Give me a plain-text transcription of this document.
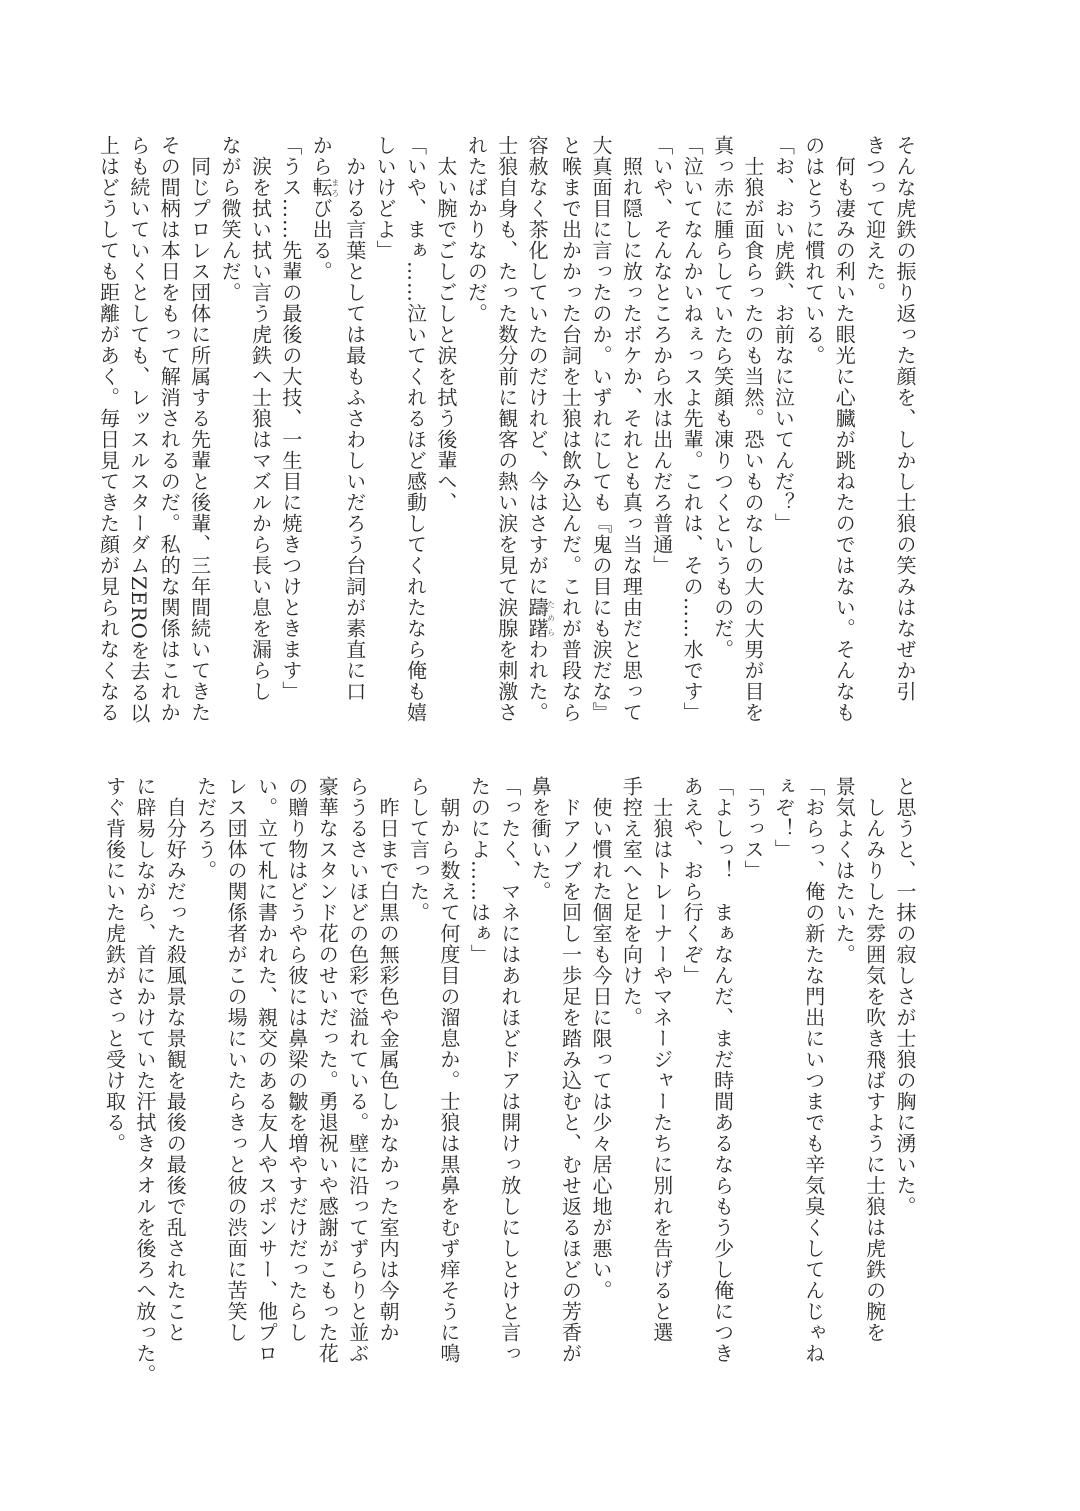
そんな虎鉄の振り返った顔を、しかし士狼の笑みはなぜか引
きつって迎えた。
　何も凄みの利いた眼光に心臓が跳ねたのではない。そんなも
のはとうに慣れている。
「お、おい虎鉄、お前なに泣いてんだ？」
　士狼が面食らったのも当然。恐いものなしの大の大男が目を
真っ赤に腫らしていたら笑顔も凍りつくというものだ。
「泣いてなんかいねぇっスよ先輩。これは、その……水です」
「いや、そんなところから水は出んだろ普通」
　照れ隠しに放ったボケか、それとも真っ当な理由だと思って
大真面目に言ったのか。いずれにしても『鬼の目にも涙だな』
と喉まで出かかった台詞を士狼は飲み込んだ。これが普段なら
容赦なく茶化していたのだけれど、今はさすがに躊躇ためらわれた。
士狼自身も、たった数分前に観客の熱い涙を見て涙腺を刺激さ
れたばかりなのだ。
　太い腕でごしごしと涙を拭う後輩へ、
「いや、まぁ……泣いてくれるほど感動してくれたなら俺も嬉
しいけどよ」
　かける言葉としては最もふさわしいだろう台詞が素直に口
から転まろび出る。
「うス……先輩の最後の大技、一生目に焼きつけときます」
　涙を拭い拭い言う虎鉄へ士狼はマズルから長い息を漏らし
ながら微笑んだ。
　同じプロレス団体に所属する先輩と後輩、三年間続いてきた
その間柄は本日をもって解消されるのだ。私的な関係はこれか
らも続いていくとしても、レッスルスターダムZEROを去る以
上はどうしても距離があく。毎日見てきた顔が見られなくなる
と思うと、一抹の寂しさが士狼の胸に湧いた。
　しんみりした雰囲気を吹き飛ばすように士狼は虎鉄の腕を
景気よくはたいた。
「おらっ、俺の新たな門出にいつまでも辛気臭くしてんじゃね
ぇぞ！」
「うっス」
「よしっ！　まぁなんだ、まだ時間あるならもう少し俺につき
あえや、おら行くぞ」
　士狼はトレーナーやマネージャーたちに別れを告げると選
手控え室へと足を向けた。
　使い慣れた個室も今日に限っては少々居心地が悪い。
　ドアノブを回し一歩足を踏み込むと、むせ返るほどの芳香が
鼻を衝いた。
「ったく、マネにはあれほどドアは開けっ放しにしとけと言っ
たのによ……はぁ」
　朝から数えて何度目の溜息か。士狼は黒鼻をむず痒そうに鳴
らして言った。
　昨日まで白黒の無彩色や金属色しかなかった室内は今朝か
らうるさいほどの色彩で溢れている。壁に沿ってずらりと並ぶ
豪華なスタンド花のせいだった。勇退祝いや感謝がこもった花
の贈り物はどうやら彼には鼻梁の皺を増やすだけだったらし
い。立て札に書かれた、親交のある友人やスポンサー、他プロ
レス団体の関係者がこの場にいたらきっと彼の渋面に苦笑し
ただろう。
　自分好みだった殺風景な景観を最後の最後で乱されたこと
に辟易しながら、首にかけていた汗拭きタオルを後ろへ放った。
すぐ背後にいた虎鉄がさっと受け取る。
